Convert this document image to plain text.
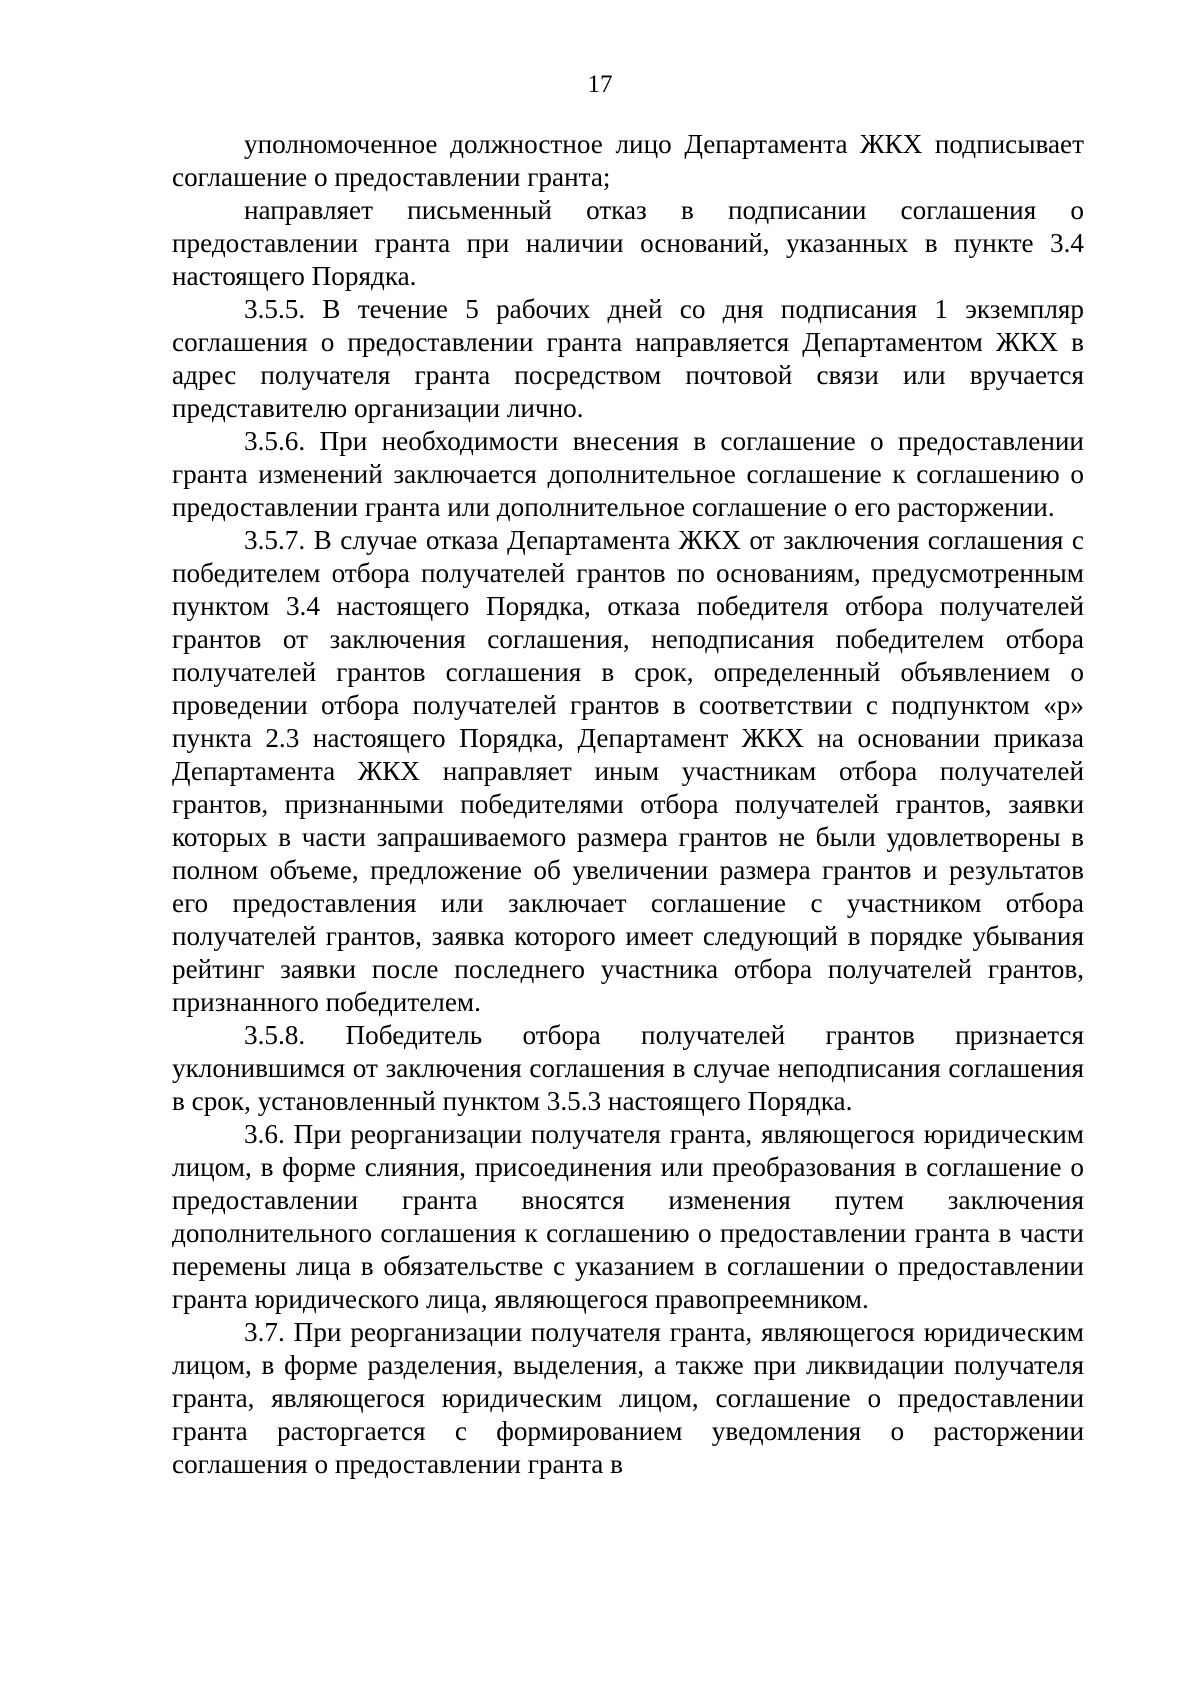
17

уполномоченное должностное лицо Департамента ЖКХ подписывает соглашение о предоставлении гранта;

направляет письменный отказ в подписании соглашения о предоставлении гранта при наличии оснований, указанных в пункте 3.4 настоящего Порядка.

3.5.5. В течение 5 рабочих дней со дня подписания 1 экземпляр соглашения о предоставлении гранта направляется Департаментом ЖКХ в адрес получателя гранта посредством почтовой связи или вручается представителю организации лично.

3.5.6. При необходимости внесения в соглашение о предоставлении гранта изменений заключается дополнительное соглашение к соглашению о предоставлении гранта или дополнительное соглашение о его расторжении.

3.5.7. В случае отказа Департамента ЖКХ от заключения соглашения с победителем отбора получателей грантов по основаниям, предусмотренным пунктом 3.4 настоящего Порядка, отказа победителя отбора получателей грантов от заключения соглашения, неподписания победителем отбора получателей грантов соглашения в срок, определенный объявлением о проведении отбора получателей грантов в соответствии с подпунктом «р» пункта 2.3 настоящего Порядка, Департамент ЖКХ на основании приказа Департамента ЖКХ направляет иным участникам отбора получателей грантов, признанными победителями отбора получателей грантов, заявки которых в части запрашиваемого размера грантов не были удовлетворены в полном объеме, предложение об увеличении размера грантов и результатов его предоставления или заключает соглашение с участником отбора получателей грантов, заявка которого имеет следующий в порядке убывания рейтинг заявки после последнего участника отбора получателей грантов, признанного победителем.

3.5.8. Победитель отбора получателей грантов признается уклонившимся от заключения соглашения в случае неподписания соглашения в срок, установленный пунктом 3.5.3 настоящего Порядка.

3.6. При реорганизации получателя гранта, являющегося юридическим лицом, в форме слияния, присоединения или преобразования в соглашение о предоставлении гранта вносятся изменения путем заключения дополнительного соглашения к соглашению о предоставлении гранта в части перемены лица в обязательстве с указанием в соглашении о предоставлении гранта юридического лица, являющегося правопреемником.

3.7. При реорганизации получателя гранта, являющегося юридическим лицом, в форме разделения, выделения, а также при ликвидации получателя гранта, являющегося юридическим лицом, соглашение о предоставлении гранта расторгается с формированием уведомления о расторжении соглашения о предоставлении гранта в
